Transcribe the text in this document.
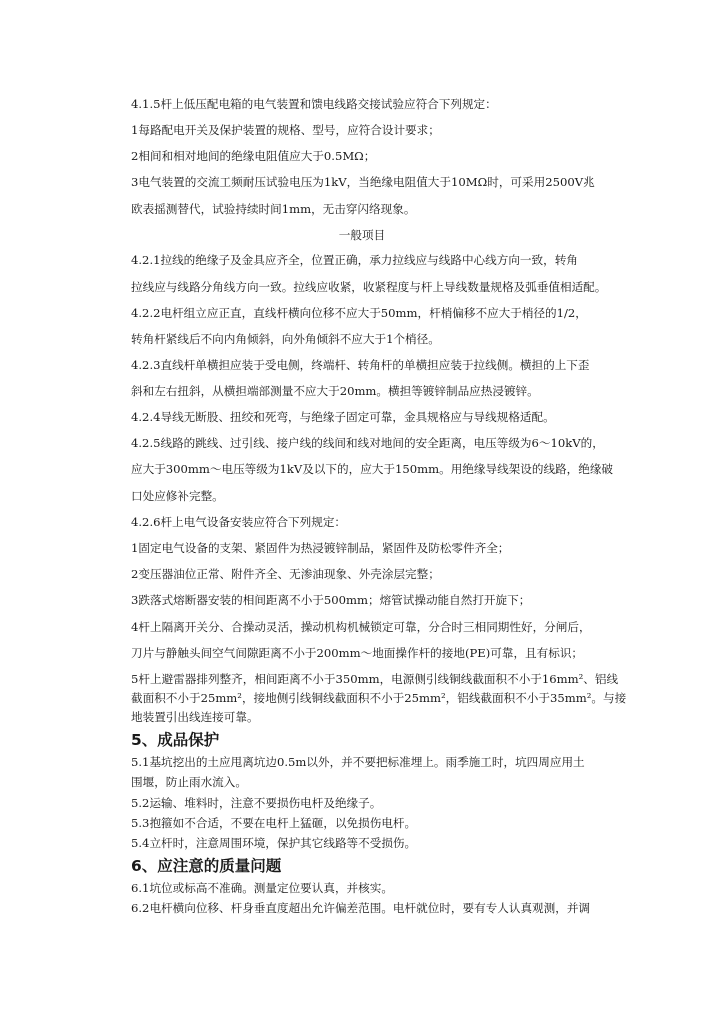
4.1.5杆上低压配电箱的电气装置和馈电线路交接试验应符合下列规定：
1每路配电开关及保护装置的规格、型号，应符合设计要求；
2相间和相对地间的绝缘电阻值应大于0.5MΩ；
3电气装置的交流工频耐压试验电压为1kV，当绝缘电阻值大于10MΩ时，可采用2500V兆
欧表摇测替代，试验持续时间1mm，无击穿闪络现象。
一般项目
4.2.1拉线的绝缘子及金具应齐全，位置正确，承力拉线应与线路中心线方向一致，转角
拉线应与线路分角线方向一致。拉线应收紧，收紧程度与杆上导线数量规格及弧垂值相适配。
4.2.2电杆组立应正直，直线杆横向位移不应大于50mm，杆梢偏移不应大于梢径的1/2，
转角杆紧线后不向内角倾斜，向外角倾斜不应大于1个梢径。
4.2.3直线杆单横担应装于受电侧，终端杆、转角杆的单横担应装于拉线侧。横担的上下歪
斜和左右扭斜，从横担端部测量不应大于20mm。横担等镀锌制品应热浸镀锌。
4.2.4导线无断股、扭绞和死弯，与绝缘子固定可靠，金具规格应与导线规格适配。
4.2.5线路的跳线、过引线、接户线的线间和线对地间的安全距离，电压等级为6～10kV的，
应大于300mm～电压等级为1kV及以下的，应大于150mm。用绝缘导线架设的线路，绝缘破
口处应修补完整。
4.2.6杆上电气设备安装应符合下列规定：
1固定电气设备的支架、紧固件为热浸镀锌制品，紧固件及防松零件齐全；
2变压器油位正常、附件齐全、无渗油现象、外壳涂层完整；
3跌落式熔断器安装的相间距离不小于500mm；熔管试操动能自然打开旋下；
4杆上隔离开关分、合操动灵活，操动机构机械锁定可靠，分合时三相同期性好，分闸后，
刀片与静触头间空气间隙距离不小于200mm～地面操作杆的接地(PE)可靠，且有标识；
5杆上避雷器排列整齐，相间距离不小于350mm，电源侧引线铜线截面积不小于16mm²、铝线
截面积不小于25mm²，接地侧引线铜线截面积不小于25mm²，铝线截面积不小于35mm²。与接
地装置引出线连接可靠。
5、成品保护
5.1基坑挖出的土应甩离坑边0.5m以外，并不要把标准埋上。雨季施工时，坑四周应用土
围堰，防止雨水流入。
5.2运输、堆料时，注意不要损伤电杆及绝缘子。
5.3抱箍如不合适，不要在电杆上猛砸，以免损伤电杆。
5.4立杆时，注意周围环境，保护其它线路等不受损伤。
6、应注意的质量问题
6.1坑位或标高不准确。测量定位要认真，并核实。
6.2电杆横向位移、杆身垂直度超出允许偏差范围。电杆就位时，要有专人认真观测，并调
